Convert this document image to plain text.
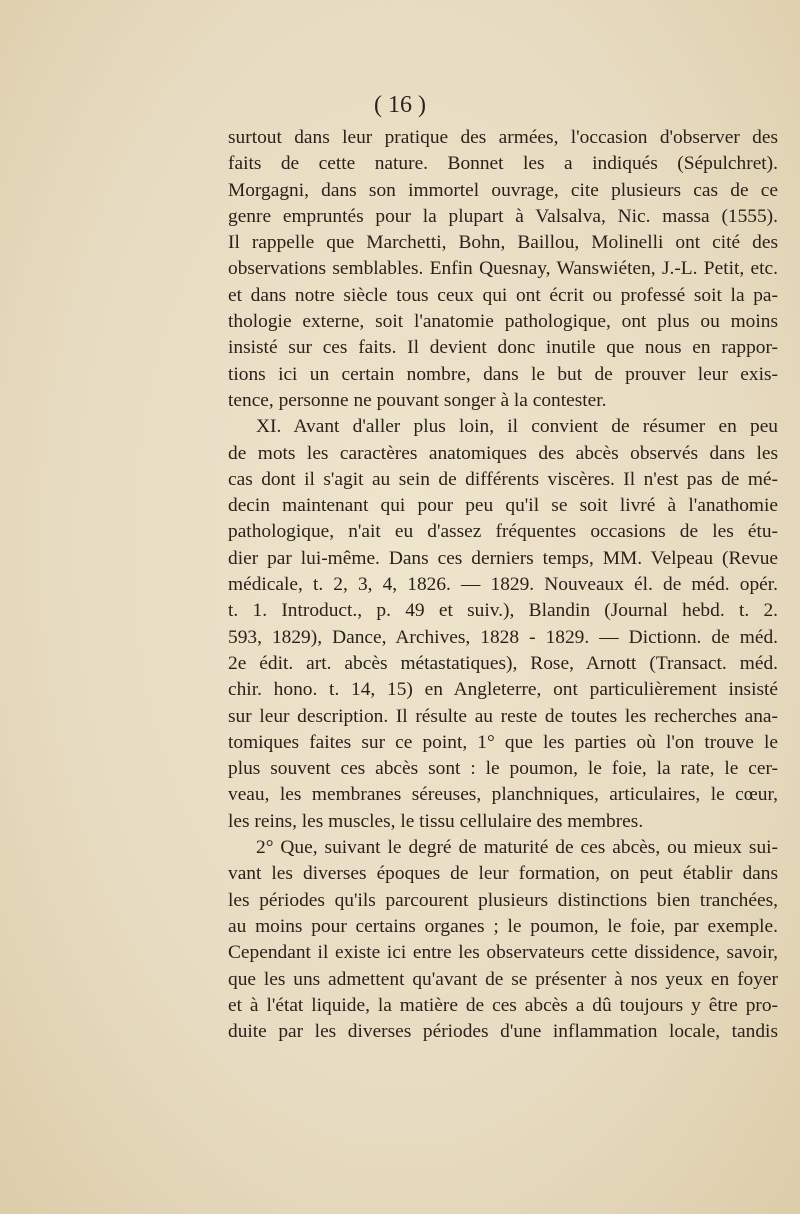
( 16 )
surtout dans leur pratique des armées, l'occasion d'observer des
faits de cette nature. Bonnet les a indiqués (Sépulchret).
Morgagni, dans son immortel ouvrage, cite plusieurs cas de ce
genre empruntés pour la plupart à Valsalva, Nic. massa (1555).
Il rappelle que Marchetti, Bohn, Baillou, Molinelli ont cité des
observations semblables. Enfin Quesnay, Wanswiéten, J.-L. Petit, etc.
et dans notre siècle tous ceux qui ont écrit ou professé soit la pa-
thologie externe, soit l'anatomie pathologique, ont plus ou moins
insisté sur ces faits. Il devient donc inutile que nous en rappor-
tions ici un certain nombre, dans le but de prouver leur exis-
tence, personne ne pouvant songer à la contester.
XI. Avant d'aller plus loin, il convient de résumer en peu
de mots les caractères anatomiques des abcès observés dans les
cas dont il s'agit au sein de différents viscères. Il n'est pas de mé-
decin maintenant qui pour peu qu'il se soit livré à l'anathomie
pathologique, n'ait eu d'assez fréquentes occasions de les étu-
dier par lui-même. Dans ces derniers temps, MM. Velpeau (Revue
médicale, t. 2, 3, 4, 1826. — 1829. Nouveaux él. de méd. opér.
t. 1. Introduct., p. 49 et suiv.), Blandin (Journal hebd. t. 2.
593, 1829), Dance, Archives, 1828 - 1829. — Dictionn. de méd.
2e édit. art. abcès métastatiques), Rose, Arnott (Transact. méd.
chir. hono. t. 14, 15) en Angleterre, ont particulièrement insisté
sur leur description. Il résulte au reste de toutes les recherches ana-
tomiques faites sur ce point, 1° que les parties où l'on trouve le
plus souvent ces abcès sont : le poumon, le foie, la rate, le cer-
veau, les membranes séreuses, planchniques, articulaires, le cœur,
les reins, les muscles, le tissu cellulaire des membres.
2° Que, suivant le degré de maturité de ces abcès, ou mieux sui-
vant les diverses époques de leur formation, on peut établir dans
les périodes qu'ils parcourent plusieurs distinctions bien tranchées,
au moins pour certains organes ; le poumon, le foie, par exemple.
Cependant il existe ici entre les observateurs cette dissidence, savoir,
que les uns admettent qu'avant de se présenter à nos yeux en foyer
et à l'état liquide, la matière de ces abcès a dû toujours y être pro-
duite par les diverses périodes d'une inflammation locale, tandis
